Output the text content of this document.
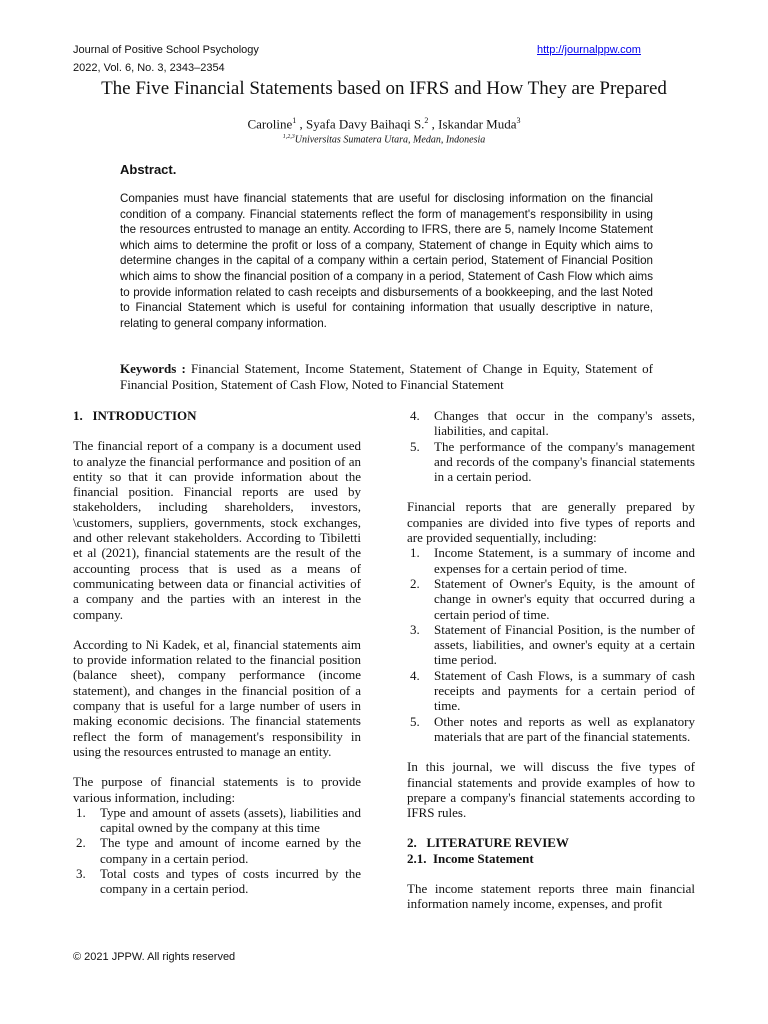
Journal of Positive School Psychology
2022, Vol. 6, No. 3, 2343–2354
http://journalppw.com
The Five Financial Statements based on IFRS and How They are Prepared
Caroline$^1$ , Syafa Davy Baihaqi S.$^2$ , Iskandar Muda$^3$
$^{1,2,3}$Universitas Sumatera Utara, Medan, Indonesia
Abstract.
Companies must have financial statements that are useful for disclosing information on the financial condition of a company. Financial statements reflect the form of management's responsibility in using the resources entrusted to manage an entity. According to IFRS, there are 5, namely Income Statement which aims to determine the profit or loss of a company, Statement of change in Equity which aims to determine changes in the capital of a company within a certain period, Statement of Financial Position which aims to show the financial position of a company in a period, Statement of Cash Flow which aims to provide information related to cash receipts and disbursements of a bookkeeping, and the last Noted to Financial Statement which is useful for containing information that usually descriptive in nature, relating to general company information.
Keywords : Financial Statement, Income Statement, Statement of Change in Equity, Statement of Financial Position, Statement of Cash Flow, Noted to Financial Statement

1.   INTRODUCTION

The financial report of a company is a document used to analyze the financial performance and position of an entity so that it can provide information about the financial position. Financial reports are used by stakeholders, including shareholders, investors, \customers, suppliers, governments, stock exchanges, and other relevant stakeholders. According to Tibiletti et al (2021), financial statements are the result of the accounting process that is used as a means of communicating between data or financial activities of a company and the parties with an interest in the company.

According to Ni Kadek, et al, financial statements aim to provide information related to the financial position (balance sheet), company performance (income statement), and changes in the financial position of a company that is useful for a large number of users in making economic decisions. The financial statements reflect the form of management's responsibility in using the resources entrusted to manage an entity.

The purpose of financial statements is to provide various information, including:

1.	Type and amount of assets (assets), liabilities and capital owned by the company at this time
2.	The type and amount of income earned by the company in a certain period.
3.	Total costs and types of costs incurred by the company in a certain period.
4.	Changes that occur in the company's assets, liabilities, and capital.
5.	The performance of the company's management and records of the company's financial statements in a certain period.

Financial reports that are generally prepared by companies are divided into five types of reports and are provided sequentially, including:

1.	Income Statement, is a summary of income and expenses for a certain period of time.
2.	Statement of Owner's Equity, is the amount of change in owner's equity that occurred during a certain period of time.
3.	Statement of Financial Position, is the number of assets, liabilities, and owner's equity at a certain time period.
4.	Statement of Cash Flows, is a summary of cash receipts and payments for a certain period of time.
5.	Other notes and reports as well as explanatory materials that are part of the financial statements.

In this journal, we will discuss the five types of financial statements and provide examples of how to prepare a company's financial statements according to IFRS rules.

2.   LITERATURE REVIEW

2.1.  Income Statement

The income statement reports three main financial information namely income, expenses, and profit

© 2021 JPPW. All rights reserved
